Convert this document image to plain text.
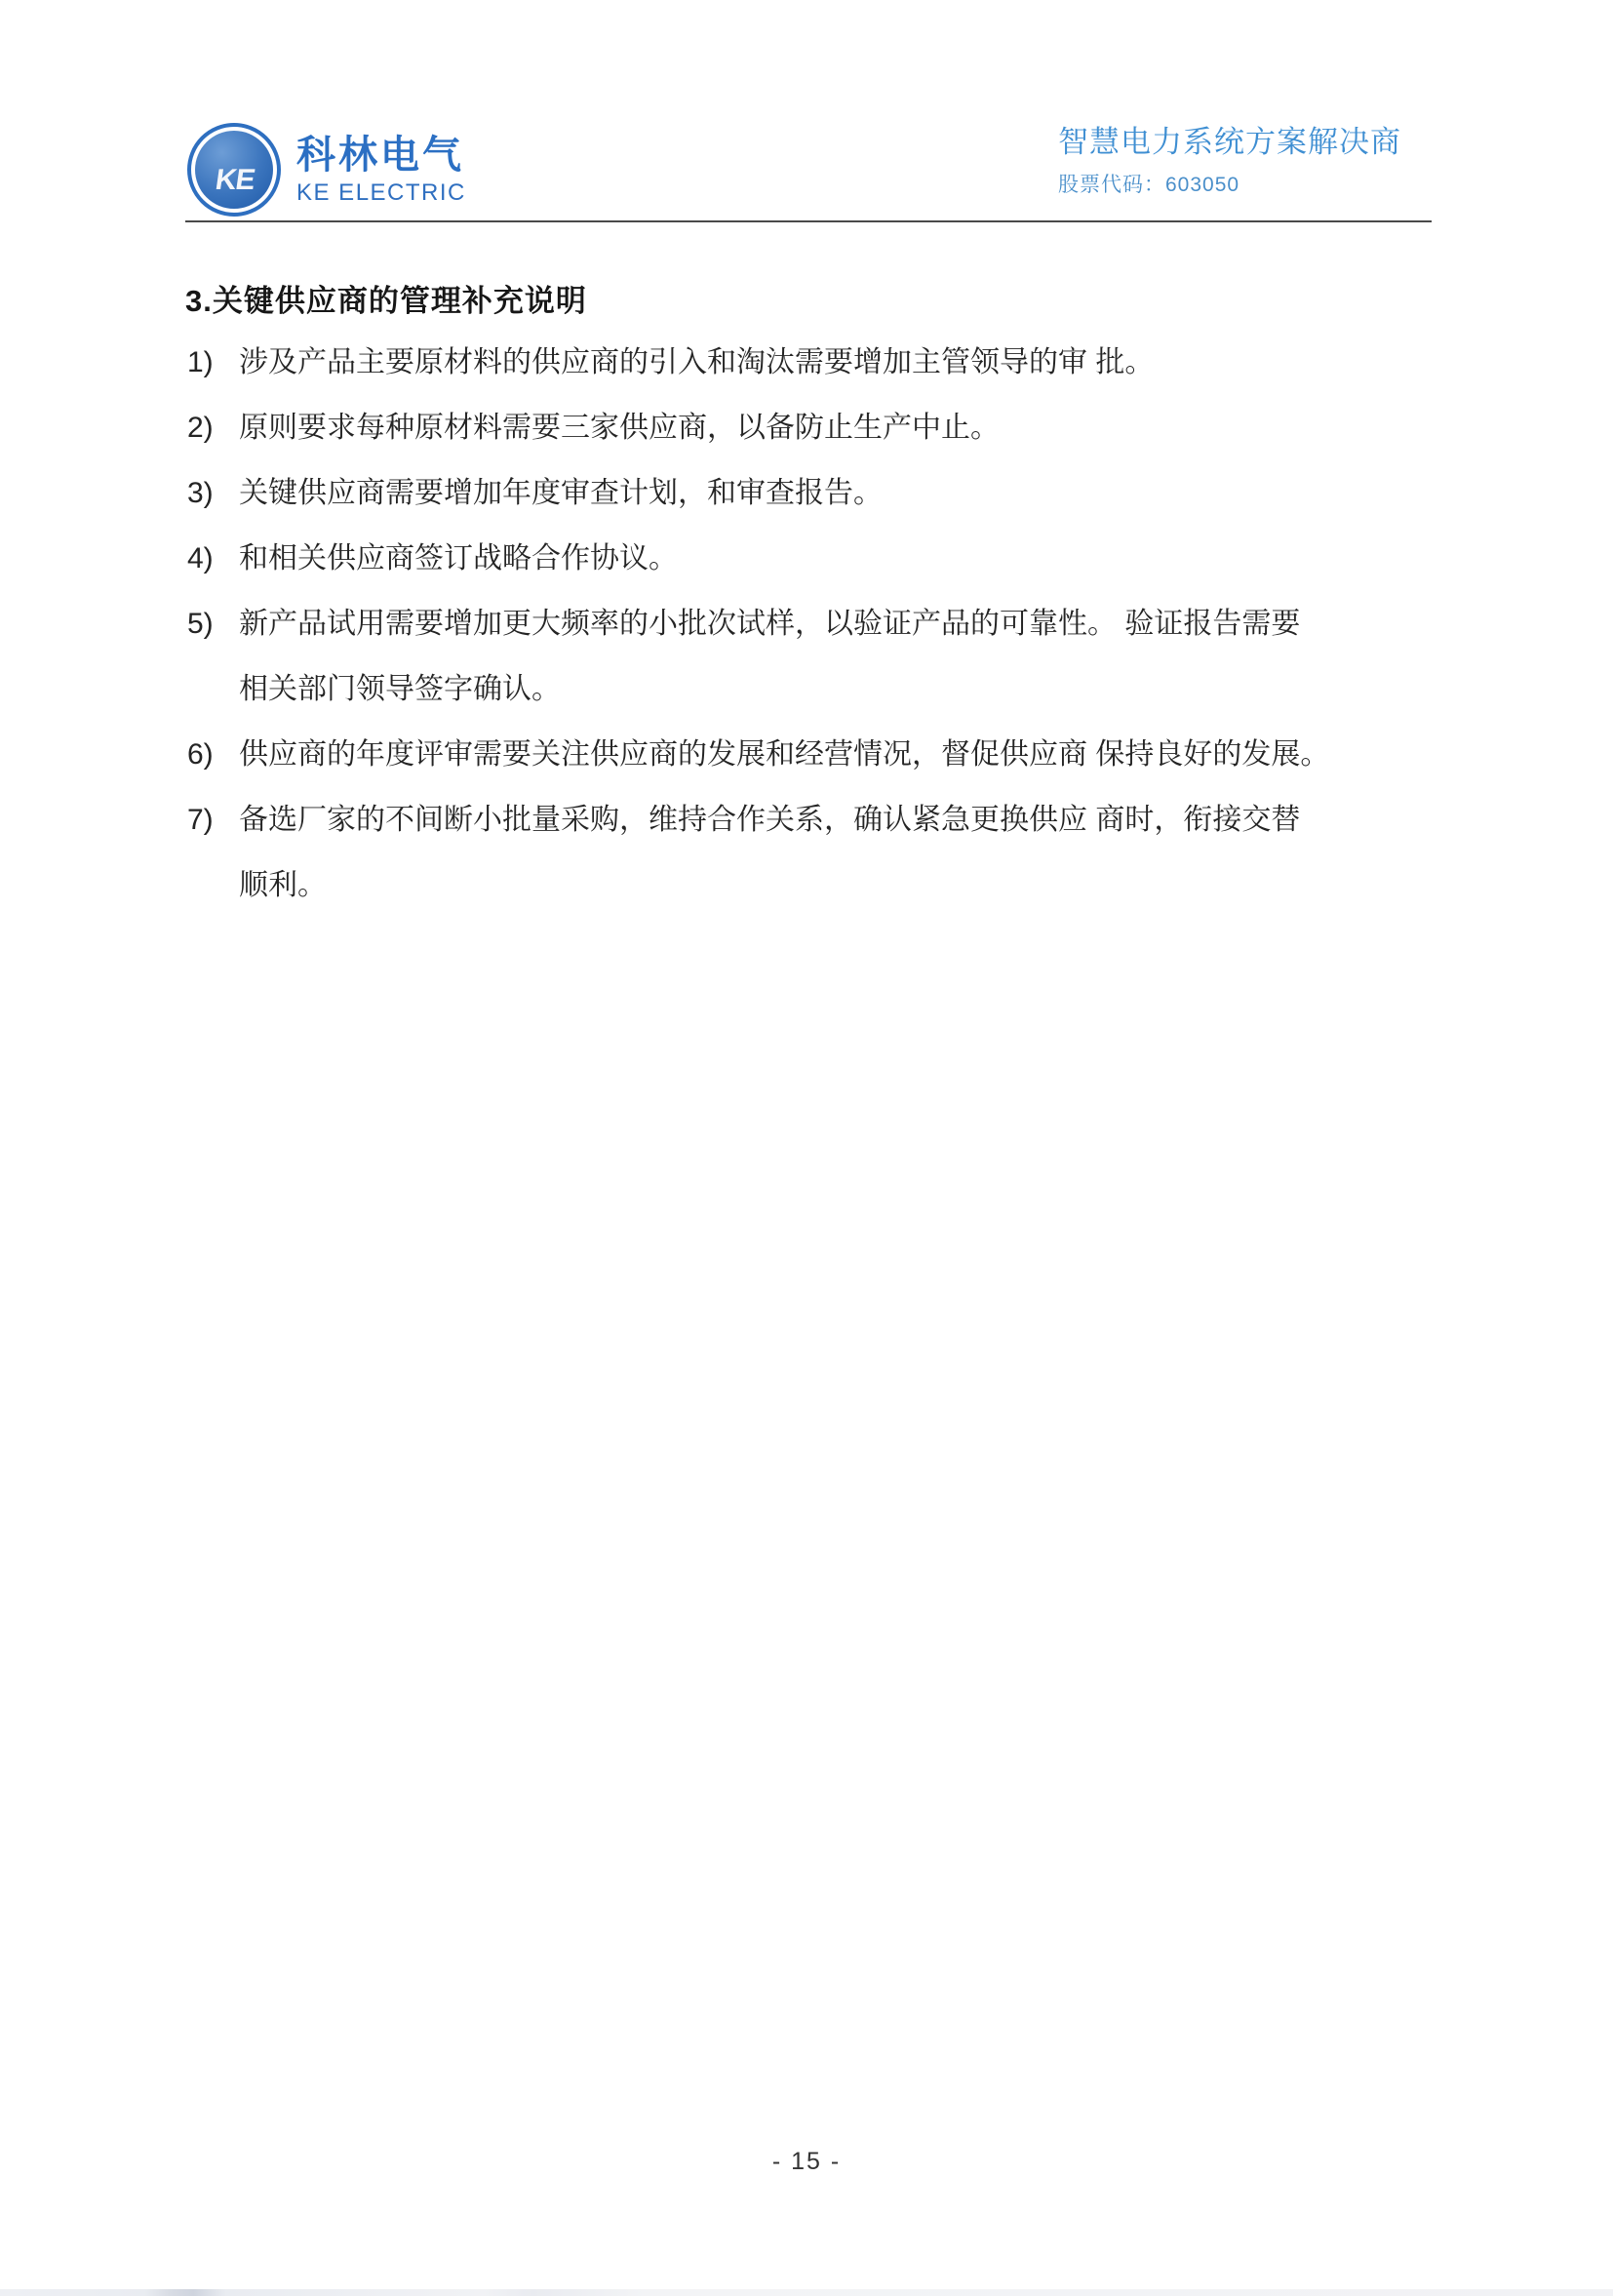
KE
科林电气
KE ELECTRIC
智慧电力系统方案解决商
股票代码：603050
3.关键供应商的管理补充说明
1) 涉及产品主要原材料的供应商的引入和淘汰需要增加主管领导的审 批。
2) 原则要求每种原材料需要三家供应商，以备防止生产中止。
3) 关键供应商需要增加年度审查计划，和审查报告。
4) 和相关供应商签订战略合作协议。
5) 新产品试用需要增加更大频率的小批次试样，以验证产品的可靠性。 验证报告需要
相关部门领导签字确认。
6) 供应商的年度评审需要关注供应商的发展和经营情况，督促供应商 保持良好的发展。
7) 备选厂家的不间断小批量采购，维持合作关系，确认紧急更换供应 商时，衔接交替
顺利。
- 15 -
